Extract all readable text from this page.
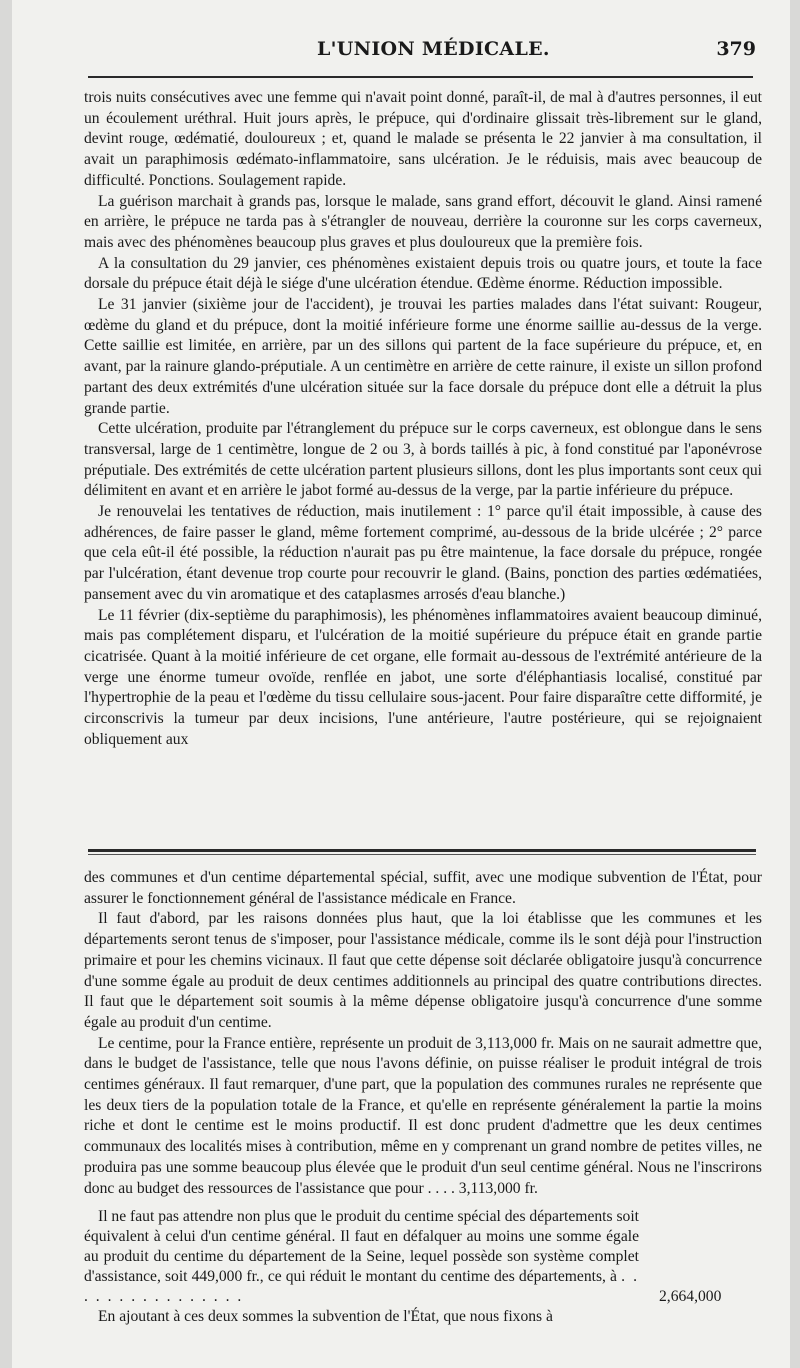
L'UNION MÉDICALE.	379

trois nuits consécutives avec une femme qui n'avait point donné, paraît-il, de mal à d'autres personnes, il eut un écoulement uréthral. Huit jours après, le prépuce, qui d'ordinaire glissait très-librement sur le gland, devint rouge, œdématié, douloureux ; et, quand le malade se présenta le 22 janvier à ma consultation, il avait un paraphimosis œdémato-inflammatoire, sans ulcération. Je le réduisis, mais avec beaucoup de difficulté. Ponctions. Soulagement rapide.

La guérison marchait à grands pas, lorsque le malade, sans grand effort, découvit le gland. Ainsi ramené en arrière, le prépuce ne tarda pas à s'étrangler de nouveau, derrière la couronne sur les corps caverneux, mais avec des phénomènes beaucoup plus graves et plus douloureux que la première fois.

A la consultation du 29 janvier, ces phénomènes existaient depuis trois ou quatre jours, et toute la face dorsale du prépuce était déjà le siége d'une ulcération étendue. Œdème énorme. Réduction impossible.

Le 31 janvier (sixième jour de l'accident), je trouvai les parties malades dans l'état suivant: Rougeur, œdème du gland et du prépuce, dont la moitié inférieure forme une énorme saillie au-dessus de la verge. Cette saillie est limitée, en arrière, par un des sillons qui partent de la face supérieure du prépuce, et, en avant, par la rainure glando-préputiale. A un centimètre en arrière de cette rainure, il existe un sillon profond partant des deux extrémités d'une ulcération située sur la face dorsale du prépuce dont elle a détruit la plus grande partie.

Cette ulcération, produite par l'étranglement du prépuce sur le corps caverneux, est oblongue dans le sens transversal, large de 1 centimètre, longue de 2 ou 3, à bords taillés à pic, à fond constitué par l'aponévrose préputiale. Des extrémités de cette ulcération partent plusieurs sillons, dont les plus importants sont ceux qui délimitent en avant et en arrière le jabot formé au-dessus de la verge, par la partie inférieure du prépuce.

Je renouvelai les tentatives de réduction, mais inutilement : 1° parce qu'il était impossible, à cause des adhérences, de faire passer le gland, même fortement comprimé, au-dessous de la bride ulcérée ; 2° parce que cela eût-il été possible, la réduction n'aurait pas pu être maintenue, la face dorsale du prépuce, rongée par l'ulcération, étant devenue trop courte pour recouvrir le gland. (Bains, ponction des parties œdématiées, pansement avec du vin aromatique et des cataplasmes arrosés d'eau blanche.)

Le 11 février (dix-septième du paraphimosis), les phénomènes inflammatoires avaient beaucoup diminué, mais pas complétement disparu, et l'ulcération de la moitié supérieure du prépuce était en grande partie cicatrisée. Quant à la moitié inférieure de cet organe, elle formait au-dessous de l'extrémité antérieure de la verge une énorme tumeur ovoïde, renflée en jabot, une sorte d'éléphantiasis localisé, constitué par l'hypertrophie de la peau et l'œdème du tissu cellulaire sous-jacent. Pour faire disparaître cette difformité, je circonscrivis la tumeur par deux incisions, l'une antérieure, l'autre postérieure, qui se rejoignaient obliquement aux

des communes et d'un centime départemental spécial, suffit, avec une modique subvention de l'État, pour assurer le fonctionnement général de l'assistance médicale en France.

Il faut d'abord, par les raisons données plus haut, que la loi établisse que les communes et les départements seront tenus de s'imposer, pour l'assistance médicale, comme ils le sont déjà pour l'instruction primaire et pour les chemins vicinaux. Il faut que cette dépense soit déclarée obligatoire jusqu'à concurrence d'une somme égale au produit de deux centimes additionnels au principal des quatre contributions directes. Il faut que le département soit soumis à la même dépense obligatoire jusqu'à concurrence d'une somme égale au produit d'un centime.

Le centime, pour la France entière, représente un produit de 3,113,000 fr. Mais on ne saurait admettre que, dans le budget de l'assistance, telle que nous l'avons définie, on puisse réaliser le produit intégral de trois centimes généraux. Il faut remarquer, d'une part, que la population des communes rurales ne représente que les deux tiers de la population totale de la France, et qu'elle en représente généralement la partie la moins riche et dont le centime est le moins productif. Il est donc prudent d'admettre que les deux centimes communaux des localités mises à contribution, même en y comprenant un grand nombre de petites villes, ne produira pas une somme beaucoup plus élevée que le produit d'un seul centime général. Nous ne l'inscrirons donc au budget des ressources de l'assistance que pour . . . . 3,113,000 fr.

Il ne faut pas attendre non plus que le produit du centime spécial des départements soit équivalent à celui d'un centime général. Il faut en défalquer au moins une somme égale au produit du centime du département de la Seine, lequel possède son système complet d'assistance, soit 449,000 fr., ce qui réduit le montant du centime des départements, à . . . . . . . . . . . . . . . .

En ajoutant à ces deux sommes la subvention de l'État, que nous fixons à

2,664,000
